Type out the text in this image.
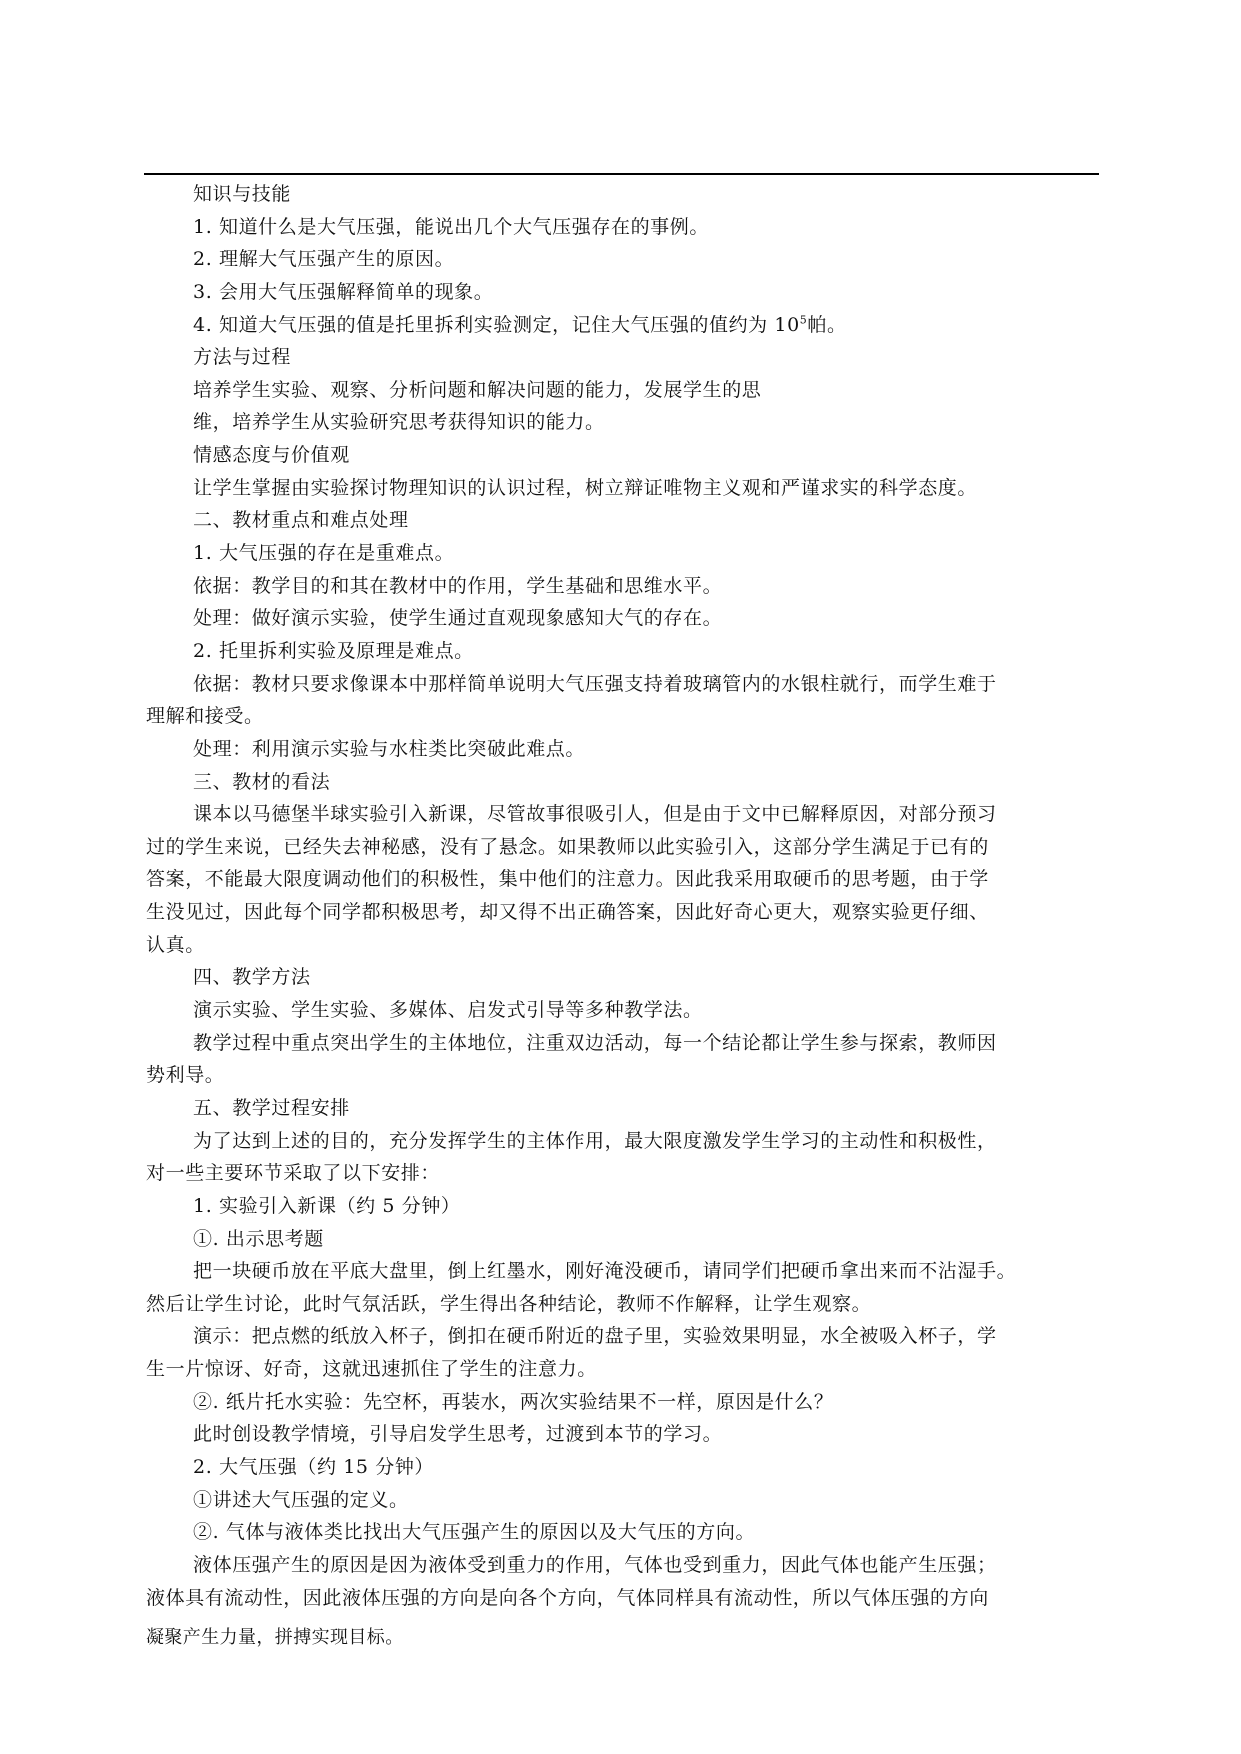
知识与技能
1. 知道什么是大气压强，能说出几个大气压强存在的事例。
2. 理解大气压强产生的原因。
3. 会用大气压强解释简单的现象。
4. 知道大气压强的值是托里拆利实验测定，记住大气压强的值约为 $10^5$帕。
方法与过程
培养学生实验、观察、分析问题和解决问题的能力，发展学生的思
维，培养学生从实验研究思考获得知识的能力。
情感态度与价值观
让学生掌握由实验探讨物理知识的认识过程，树立辩证唯物主义观和严谨求实的科学态度。
二、教材重点和难点处理
1. 大气压强的存在是重难点。
依据：教学目的和其在教材中的作用，学生基础和思维水平。
处理：做好演示实验，使学生通过直观现象感知大气的存在。
2. 托里拆利实验及原理是难点。
依据：教材只要求像课本中那样简单说明大气压强支持着玻璃管内的水银柱就行，而学生难于
理解和接受。
处理：利用演示实验与水柱类比突破此难点。
三、教材的看法
课本以马德堡半球实验引入新课，尽管故事很吸引人，但是由于文中已解释原因，对部分预习
过的学生来说，已经失去神秘感，没有了悬念。如果教师以此实验引入，这部分学生满足于已有的
答案，不能最大限度调动他们的积极性，集中他们的注意力。因此我采用取硬币的思考题，由于学
生没见过，因此每个同学都积极思考，却又得不出正确答案，因此好奇心更大，观察实验更仔细、
认真。
四、教学方法
演示实验、学生实验、多媒体、启发式引导等多种教学法。
教学过程中重点突出学生的主体地位，注重双边活动，每一个结论都让学生参与探索，教师因
势利导。
五、教学过程安排
为了达到上述的目的，充分发挥学生的主体作用，最大限度激发学生学习的主动性和积极性，
对一些主要环节采取了以下安排：
1. 实验引入新课（约 5 分钟）
①. 出示思考题
把一块硬币放在平底大盘里，倒上红墨水，刚好淹没硬币，请同学们把硬币拿出来而不沾湿手。
然后让学生讨论，此时气氛活跃，学生得出各种结论，教师不作解释，让学生观察。
演示：把点燃的纸放入杯子，倒扣在硬币附近的盘子里，实验效果明显，水全被吸入杯子，学
生一片惊讶、好奇，这就迅速抓住了学生的注意力。
②. 纸片托水实验：先空杯，再装水，两次实验结果不一样，原因是什么？
此时创设教学情境，引导启发学生思考，过渡到本节的学习。
2. 大气压强（约 15 分钟）
①讲述大气压强的定义。
②. 气体与液体类比找出大气压强产生的原因以及大气压的方向。
液体压强产生的原因是因为液体受到重力的作用，气体也受到重力，因此气体也能产生压强；
液体具有流动性，因此液体压强的方向是向各个方向，气体同样具有流动性，所以气体压强的方向
凝聚产生力量，拼搏实现目标。
